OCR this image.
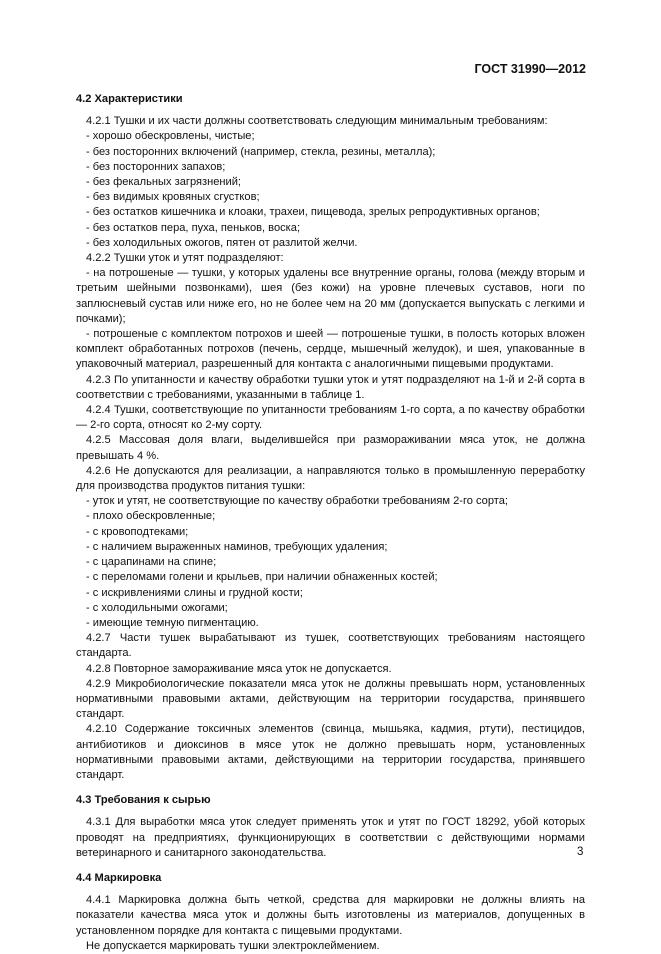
ГОСТ 31990—2012
4.2 Характеристики

4.2.1 Тушки и их части должны соответствовать следующим минимальным требованиям:

- хорошо обескровлены, чистые;

- без посторонних включений (например, стекла, резины, металла);

- без посторонних запахов;

- без фекальных загрязнений;

- без видимых кровяных сгустков;

- без остатков кишечника и клоаки, трахеи, пищевода, зрелых репродуктивных органов;

- без остатков пера, пуха, пеньков, воска;

- без холодильных ожогов, пятен от разлитой желчи.

4.2.2 Тушки уток и утят подразделяют:

- на потрошеные — тушки, у которых удалены все внутренние органы, голова (между вторым и третьим шейными позвонками), шея (без кожи) на уровне плечевых суставов, ноги по заплюсневый сустав или ниже его, но не более чем на 20 мм (допускается выпускать с легкими и почками);

- потрошеные с комплектом потрохов и шеей — потрошеные тушки, в полость которых вложен комплект обработанных потрохов (печень, сердце, мышечный желудок), и шея, упакованные в упаковочный материал, разрешенный для контакта с аналогичными пищевыми продуктами.

4.2.3 По упитанности и качеству обработки тушки уток и утят подразделяют на 1-й и 2-й сорта в соответствии с требованиями, указанными в таблице 1.

4.2.4 Тушки, соответствующие по упитанности требованиям 1-го сорта, а по качеству обработки — 2-го сорта, относят ко 2-му сорту.

4.2.5 Массовая доля влаги, выделившейся при размораживании мяса уток, не должна превышать 4 %.

4.2.6 Не допускаются для реализации, а направляются только в промышленную переработку для производства продуктов питания тушки:

- уток и утят, не соответствующие по качеству обработки требованиям 2-го сорта;

- плохо обескровленные;

- с кровоподтеками;

- с наличием выраженных наминов, требующих удаления;

- с царапинами на спине;

- с переломами голени и крыльев, при наличии обнаженных костей;

- с искривлениями слины и грудной кости;

- с холодильными ожогами;

- имеющие темную пигментацию.

4.2.7 Части тушек вырабатывают из тушек, соответствующих требованиям настоящего стандарта.

4.2.8 Повторное замораживание мяса уток не допускается.

4.2.9 Микробиологические показатели мяса уток не должны превышать норм, установленных нормативными правовыми актами, действующим на территории государства, принявшего стандарт.

4.2.10 Содержание токсичных элементов (свинца, мышьяка, кадмия, ртути), пестицидов, антибиотиков и диоксинов в мясе уток не должно превышать норм, установленных нормативными правовыми актами, действующими на территории государства, принявшего стандарт.

4.3 Требования к сырью

4.3.1 Для выработки мяса уток следует применять уток и утят по ГОСТ 18292, убой которых проводят на предприятиях, функционирующих в соответствии с действующими нормами ветеринарного и санитарного законодательства.

4.4 Маркировка

4.4.1 Маркировка должна быть четкой, средства для маркировки не должны влиять на показатели качества мяса уток и должны быть изготовлены из материалов, допущенных в установленном порядке для контакта с пищевыми продуктами.

Не допускается маркировать тушки электроклеймением.

3
